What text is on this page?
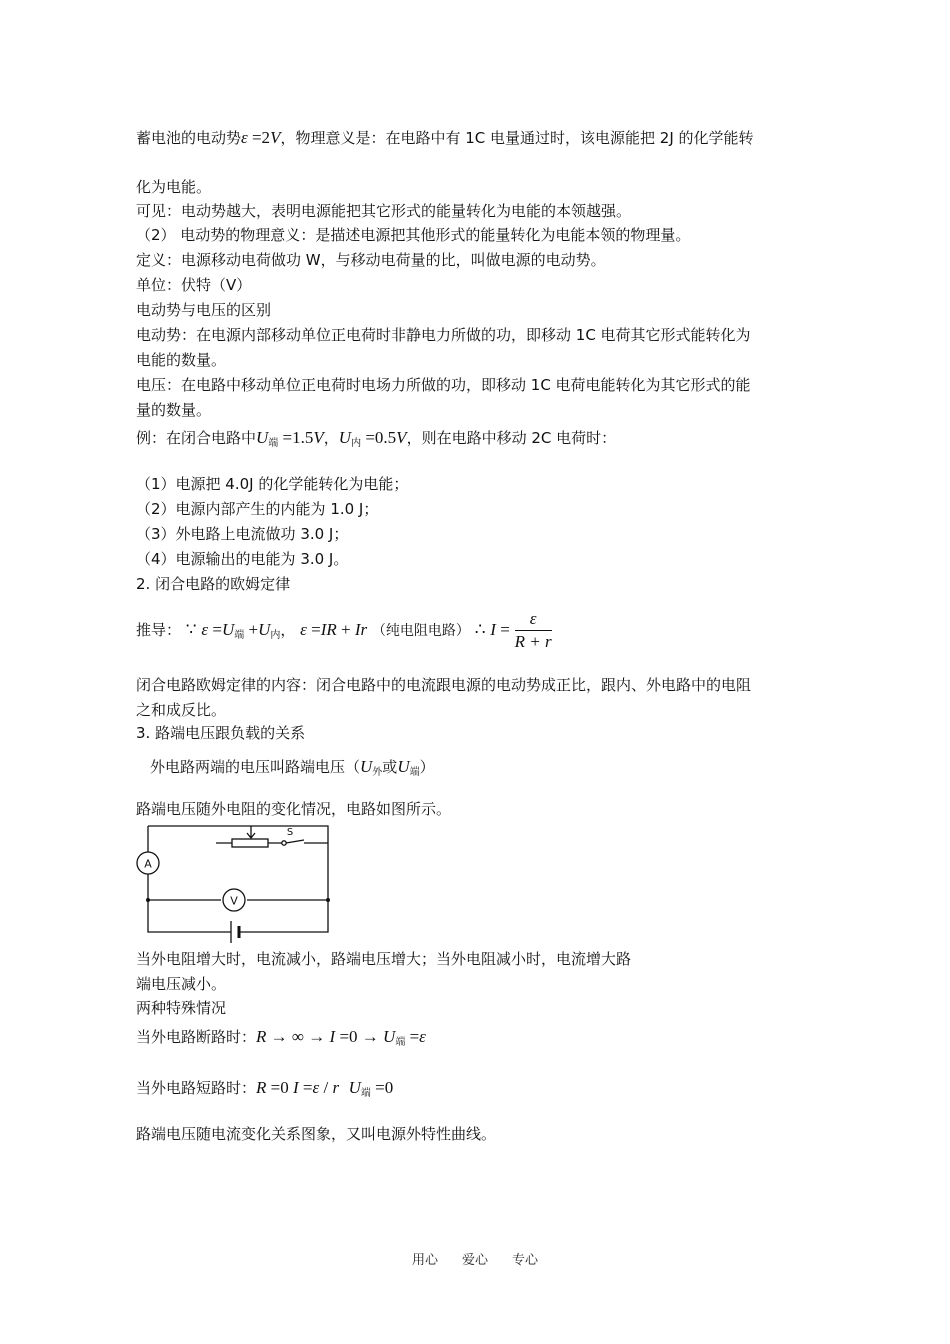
蓄电池的电动势ε =2V，物理意义是：在电路中有 1C 电量通过时，该电源能把 2J 的化学能转
化为电能。
可见：电动势越大，表明电源能把其它形式的能量转化为电能的本领越强。
（2） 电动势的物理意义：是描述电源把其他形式的能量转化为电能本领的物理量。
定义：电源移动电荷做功 W，与移动电荷量的比，叫做电源的电动势。
单位：伏特（V）
电动势与电压的区别
电动势：在电源内部移动单位正电荷时非静电力所做的功，即移动 1C 电荷其它形式能转化为
电能的数量。
电压：在电路中移动单位正电荷时电场力所做的功，即移动 1C 电荷电能转化为其它形式的能
量的数量。
例：在闭合电路中$U_端 =1.5V$，$U_内 =0.5V$，则在电路中移动 2C 电荷时：
（1）电源把 4.0J 的化学能转化为电能；
（2）电源内部产生的内能为 1.0 J；
（3）外电路上电流做功 3.0 J；
（4）电源输出的电能为 3.0 J。
2. 闭合电路的欧姆定律
推导： ∵ $\varepsilon =U_端 +U_内$， ε =IR + Ir （纯电阻电路） ∴ $I = \frac{\varepsilon}{R + r}$
闭合电路欧姆定律的内容：闭合电路中的电流跟电源的电动势成正比，跟内、外电路中的电阻
之和成反比。
3. 路端电压跟负载的关系
外电路两端的电压叫路端电压（$U_外$或$U_端$）
路端电压随外电阻的变化情况，电路如图所示。
A
V
S
当外电阻增大时，电流减小，路端电压增大；当外电阻减小时，电流增大路
端电压减小。
两种特殊情况
当外电路断路时：R → ∞ → $I =0 \to U_端 =\varepsilon$
当外电路短路时：R =0 I =ε / r $U_端 =0$
路端电压随电流变化关系图象，又叫电源外特性曲线。
用心 爱心 专心
